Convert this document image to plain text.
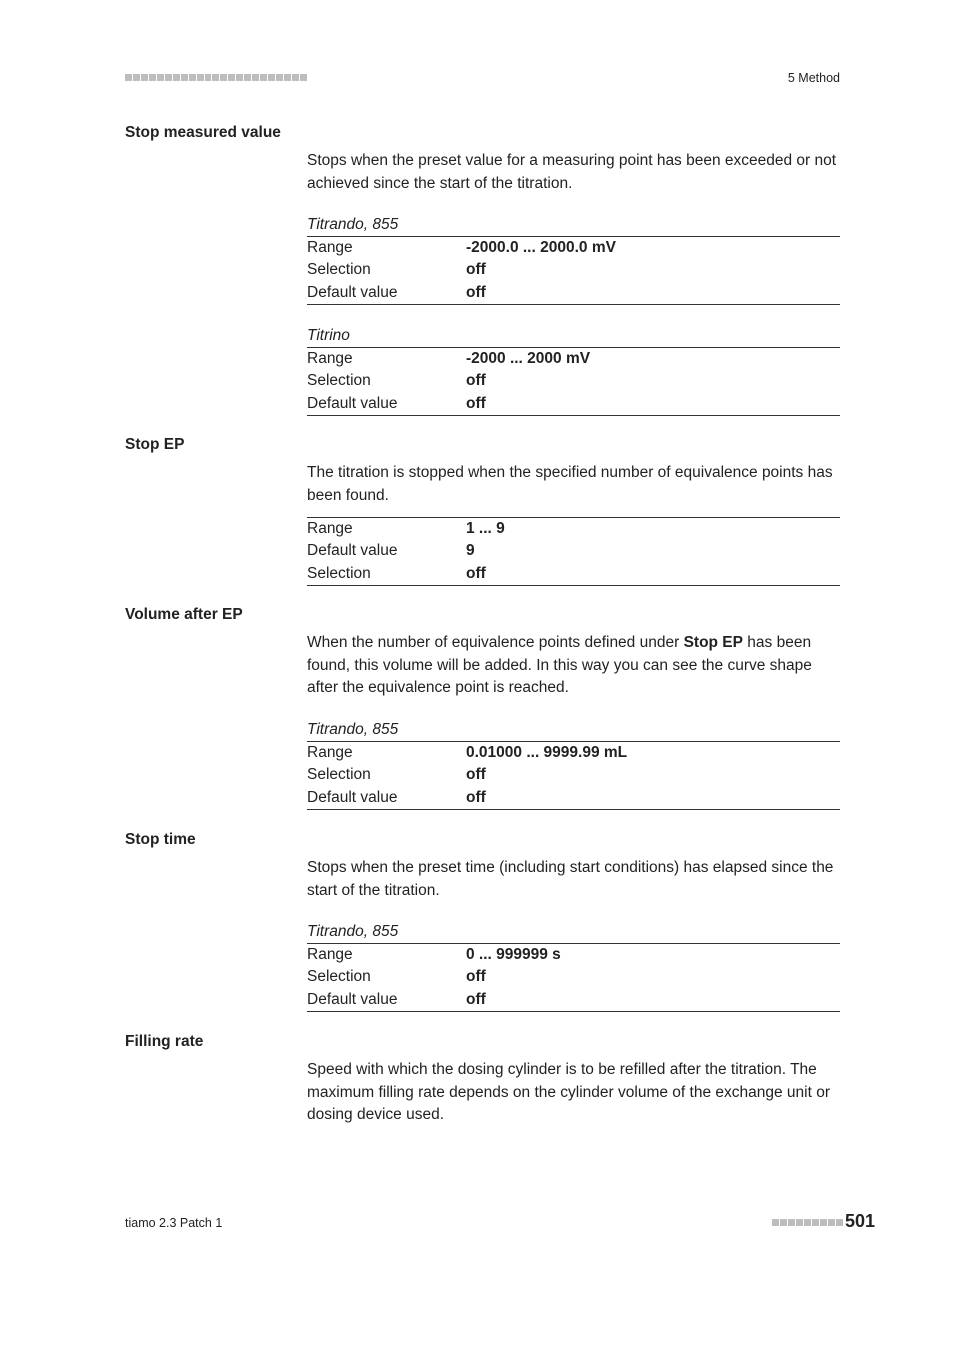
5 Method
Stop measured value
Stops when the preset value for a measuring point has been exceeded or not achieved since the start of the titration.
Titrando, 855
Range	-2000.0 ... 2000.0 mV
Selection	off
Default value	off
Titrino
Range	-2000 ... 2000 mV
Selection	off
Default value	off
Stop EP
The titration is stopped when the specified number of equivalence points has been found.
Range	1 ... 9
Default value	9
Selection	off
Volume after EP
When the number of equivalence points defined under Stop EP has been found, this volume will be added. In this way you can see the curve shape after the equivalence point is reached.
Titrando, 855
Range	0.01000 ... 9999.99 mL
Selection	off
Default value	off
Stop time
Stops when the preset time (including start conditions) has elapsed since the start of the titration.
Titrando, 855
Range	0 ... 999999 s
Selection	off
Default value	off
Filling rate
Speed with which the dosing cylinder is to be refilled after the titration. The maximum filling rate depends on the cylinder volume of the exchange unit or dosing device used.
tiamo 2.3 Patch 1	501
